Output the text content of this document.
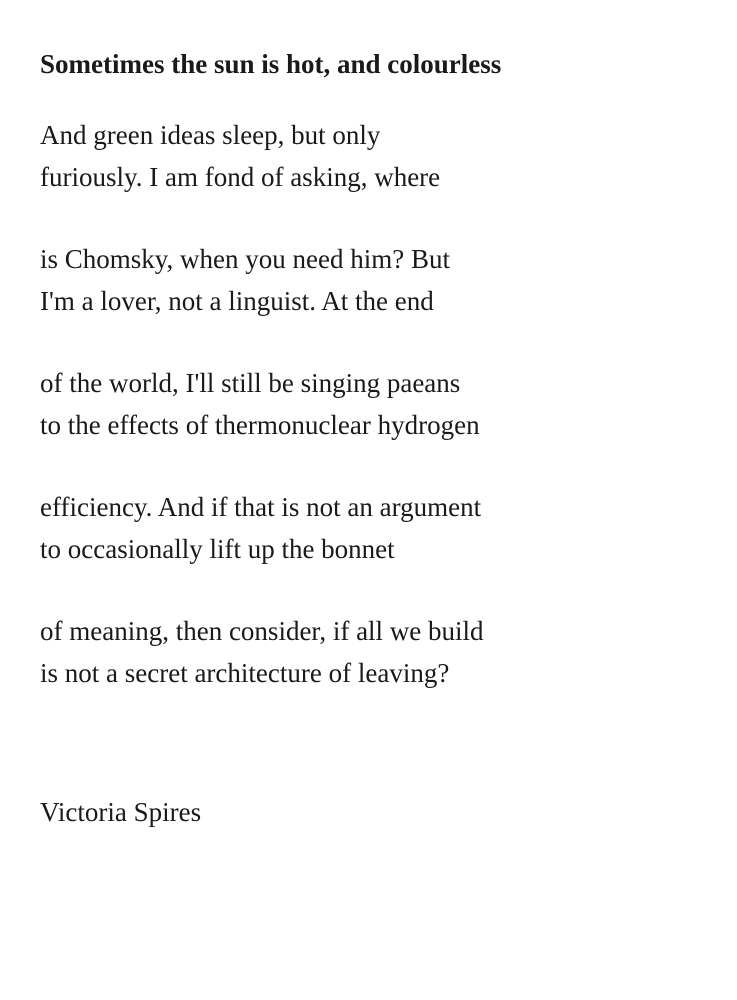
Sometimes the sun is hot, and colourless

And green ideas sleep, but only
furiously. I am fond of asking, where

is Chomsky, when you need him? But
I'm a lover, not a linguist. At the end

of the world, I'll still be singing paeans
to the effects of thermonuclear hydrogen

efficiency. And if that is not an argument
to occasionally lift up the bonnet

of meaning, then consider, if all we build
is not a secret architecture of leaving?

Victoria Spires
